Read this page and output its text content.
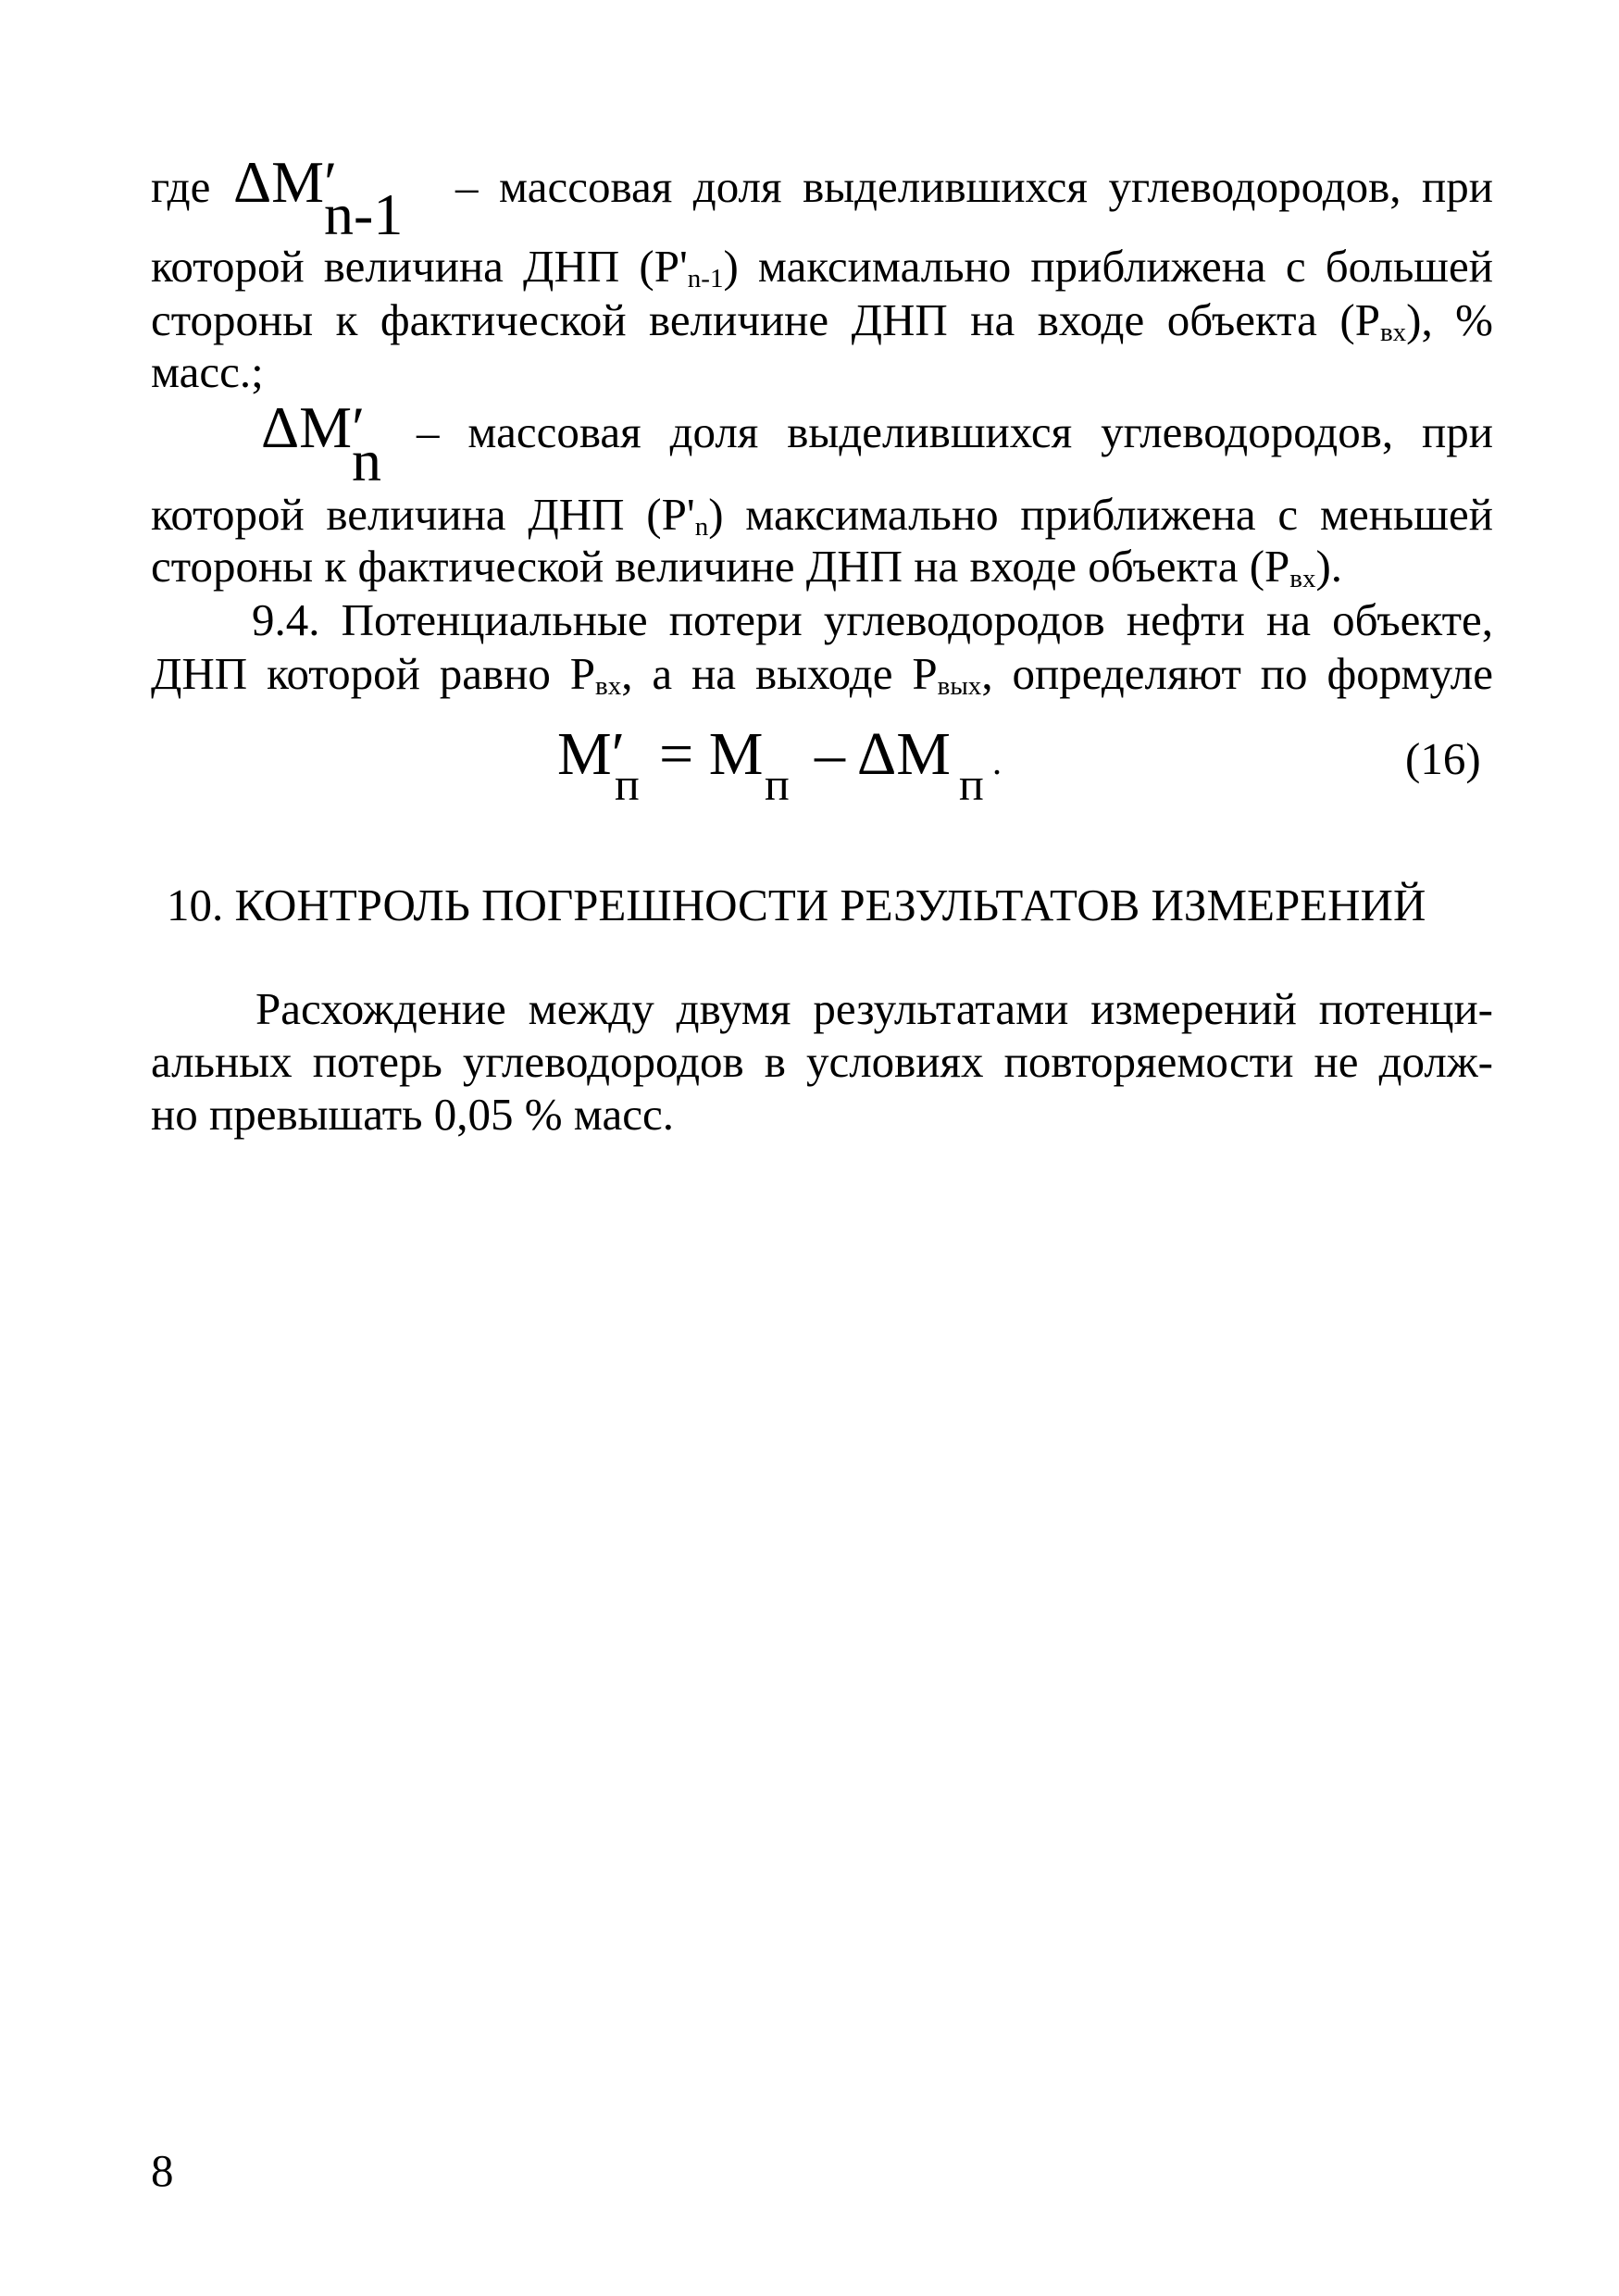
где ΔM′
n-1 – массовая доля выделившихся углеводородов, при
которой величина ДНП $(P'_{n-1})$ максимально приближена с большей
стороны к фактической величине ДНП на входе объекта $(P_{вх})$, %
масс.;
ΔM′
n – массовая доля выделившихся углеводородов, при
которой величина ДНП $(P'_n)$ максимально приближена с меньшей
стороны к фактической величине ДНП на входе объекта $(P_{вх})$.
9.4. Потенциальные потери углеводородов нефти на объекте,
ДНП которой равно $P_{вх}$, а на выходе $P_{вых}$, определяют по формуле
M′
п = M п – ΔM п .	(16)
10. КОНТРОЛЬ ПОГРЕШНОСТИ РЕЗУЛЬТАТОВ ИЗМЕРЕНИЙ
Расхождение между двумя результатами измерений потенци-
альных потерь углеводородов в условиях повторяемости не долж-
но превышать 0,05 % масс.
8
